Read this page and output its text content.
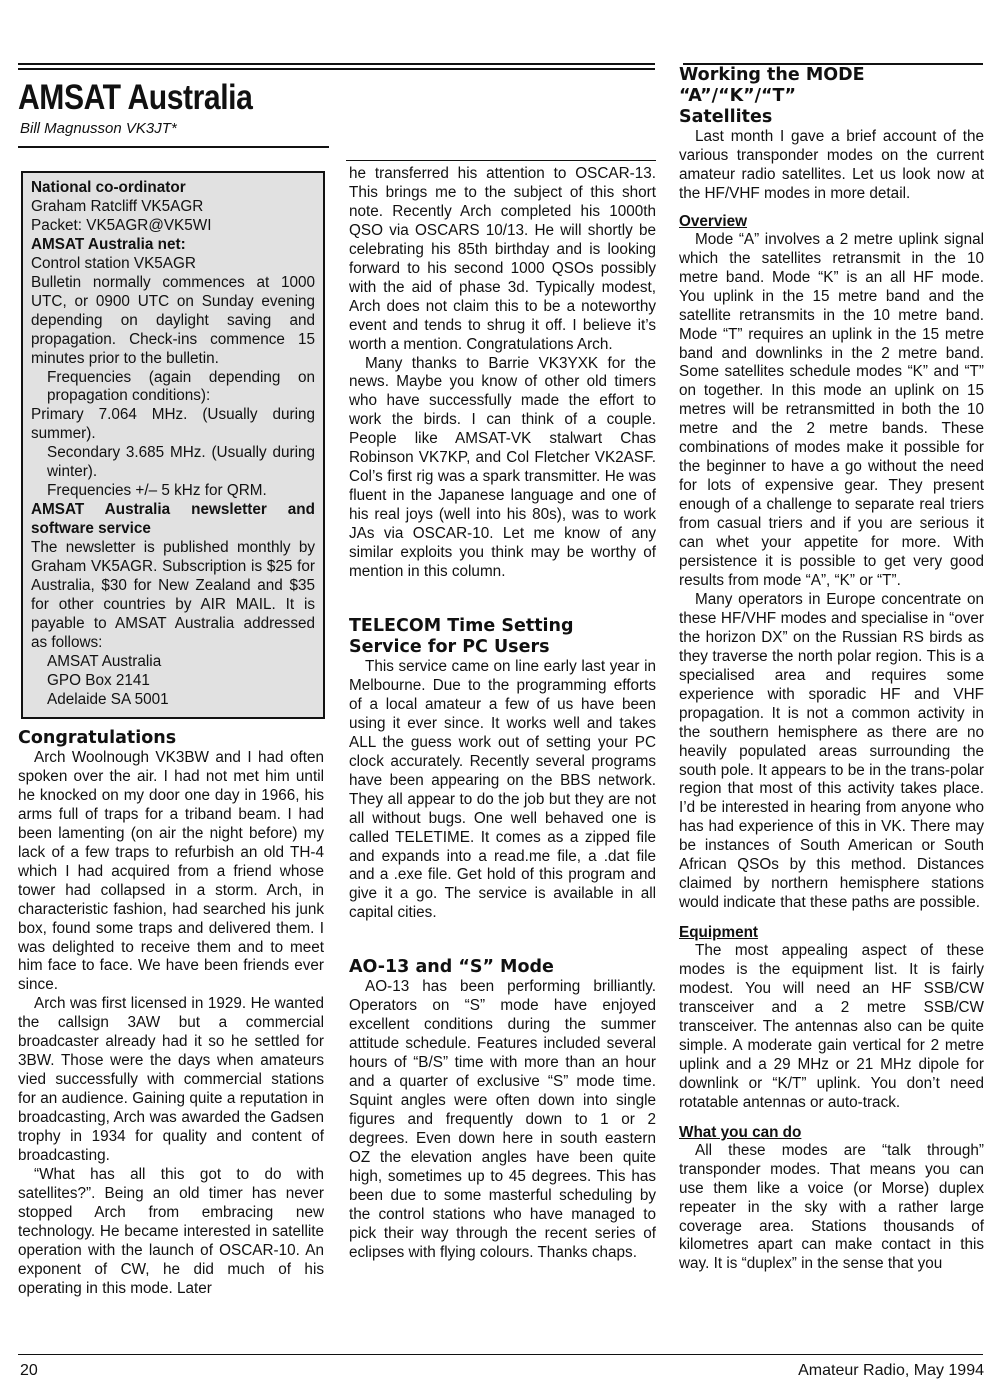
AMSAT Australia
Bill Magnusson VK3JT*

National co-ordinator

Graham Ratcliff VK5AGR

Packet: VK5AGR@VK5WI

AMSAT Australia net:

Control station VK5AGR

Bulletin normally commences at 1000 UTC, or 0900 UTC on Sunday evening depending on daylight saving and propagation. Check-ins commence 15 minutes prior to the bulletin.

Frequencies (again depending on propagation conditions):

Primary 7.064 MHz. (Usually during summer).

Secondary 3.685 MHz. (Usually during winter).

Frequencies +/– 5 kHz for QRM.

AMSAT Australia newsletter and software service

The newsletter is published monthly by Graham VK5AGR. Subscription is $25 for Australia, $30 for New Zealand and $35 for other countries by AIR MAIL. It is payable to AMSAT Australia addressed as follows:

AMSAT Australia

GPO Box 2141

Adelaide SA 5001

Congratulations

Arch Woolnough VK3BW and I had often spoken over the air. I had not met him until he knocked on my door one day in 1966, his arms full of traps for a triband beam. I had been lamenting (on air the night before) my lack of a few traps to refurbish an old TH-4 which I had acquired from a friend whose tower had collapsed in a storm. Arch, in characteristic fashion, had searched his junk box, found some traps and delivered them. I was delighted to receive them and to meet him face to face. We have been friends ever since.

Arch was first licensed in 1929. He wanted the callsign 3AW but a commercial broadcaster already had it so he settled for 3BW. Those were the days when amateurs vied successfully with commercial stations for an audience. Gaining quite a reputation in broadcasting, Arch was awarded the Gadsen trophy in 1934 for quality and content of broadcasting.

“What has all this got to do with satellites?”. Being an old timer has never stopped Arch from embracing new technology. He became interested in satellite operation with the launch of OSCAR-10. An exponent of CW, he did much of his operating in this mode. Later

he transferred his attention to OSCAR-13. This brings me to the subject of this short note. Recently Arch completed his 1000th QSO via OSCARS 10/13. He will shortly be celebrating his 85th birthday and is looking forward to his second 1000 QSOs possibly with the aid of phase 3d. Typically modest, Arch does not claim this to be a noteworthy event and tends to shrug it off. I believe it’s worth a mention. Congratulations Arch.

Many thanks to Barrie VK3YXK for the news. Maybe you know of other old timers who have successfully made the effort to work the birds. I can think of a couple. People like AMSAT-VK stalwart Chas Robinson VK7KP, and Col Fletcher VK2ASF. Col’s first rig was a spark transmitter. He was fluent in the Japanese language and one of his real joys (well into his 80s), was to work JAs via OSCAR-10. Let me know of any similar exploits you think may be worthy of mention in this column.

TELECOM Time Setting
Service for PC Users

This service came on line early last year in Melbourne. Due to the programming efforts of a local amateur a few of us have been using it ever since. It works well and takes ALL the guess work out of setting your PC clock accurately. Recently several programs have been appearing on the BBS network. They all appear to do the job but they are not all without bugs. One well behaved one is called TELETIME. It comes as a zipped file and expands into a read.me file, a .dat file and a .exe file. Get hold of this program and give it a go. The service is available in all capital cities.

AO-13 and “S” Mode

AO-13 has been performing brilliantly. Operators on “S” mode have enjoyed excellent conditions during the summer attitude schedule. Features included several hours of “B/S” time with more than an hour and a quarter of exclusive “S” mode time. Squint angles were often down into single figures and frequently down to 1 or 2 degrees. Even down here in south eastern OZ the elevation angles have been quite high, sometimes up to 45 degrees. This has been due to some masterful scheduling by the control stations who have managed to pick their way through the recent series of eclipses with flying colours. Thanks chaps.

Working the MODE “A”/“K”/“T”
Satellites

Last month I gave a brief account of the various transponder modes on the current amateur radio satellites. Let us look now at the HF/VHF modes in more detail.

Overview

Mode “A” involves a 2 metre uplink signal which the satellites retransmit in the 10 metre band. Mode “K” is an all HF mode. You uplink in the 15 metre band and the satellite retransmits in the 10 metre band. Mode “T” requires an uplink in the 15 metre band and downlinks in the 2 metre band. Some satellites schedule modes “K” and “T” on together. In this mode an uplink on 15 metres will be retransmitted in both the 10 metre and the 2 metre bands. These combinations of modes make it possible for the beginner to have a go without the need for lots of expensive gear. They present enough of a challenge to separate real triers from casual triers and if you are serious it can whet your appetite for more. With persistence it is possible to get very good results from mode “A”, “K” or “T”.

Many operators in Europe concentrate on these HF/VHF modes and specialise in “over the horizon DX” on the Russian RS birds as they traverse the north polar region. This is a specialised area and requires some experience with sporadic HF and VHF propagation. It is not a common activity in the southern hemisphere as there are no heavily populated areas surrounding the south pole. It appears to be in the trans-polar region that most of this activity takes place. I’d be interested in hearing from anyone who has had experience of this in VK. There may be instances of South American or South African QSOs by this method. Distances claimed by northern hemisphere stations would indicate that these paths are possible.

Equipment

The most appealing aspect of these modes is the equipment list. It is fairly modest. You will need an HF SSB/CW transceiver and a 2 metre SSB/CW transceiver. The antennas also can be quite simple. A moderate gain vertical for 2 metre uplink and a 29 MHz or 21 MHz dipole for downlink or “K/T” uplink. You don’t need rotatable antennas or auto-track.

What you can do

All these modes are “talk through” transponder modes. That means you can use them like a voice (or Morse) duplex repeater in the sky with a rather large coverage area. Stations thousands of kilometres apart can make contact in this way. It is “duplex” in the sense that you

20	Amateur Radio, May 1994
